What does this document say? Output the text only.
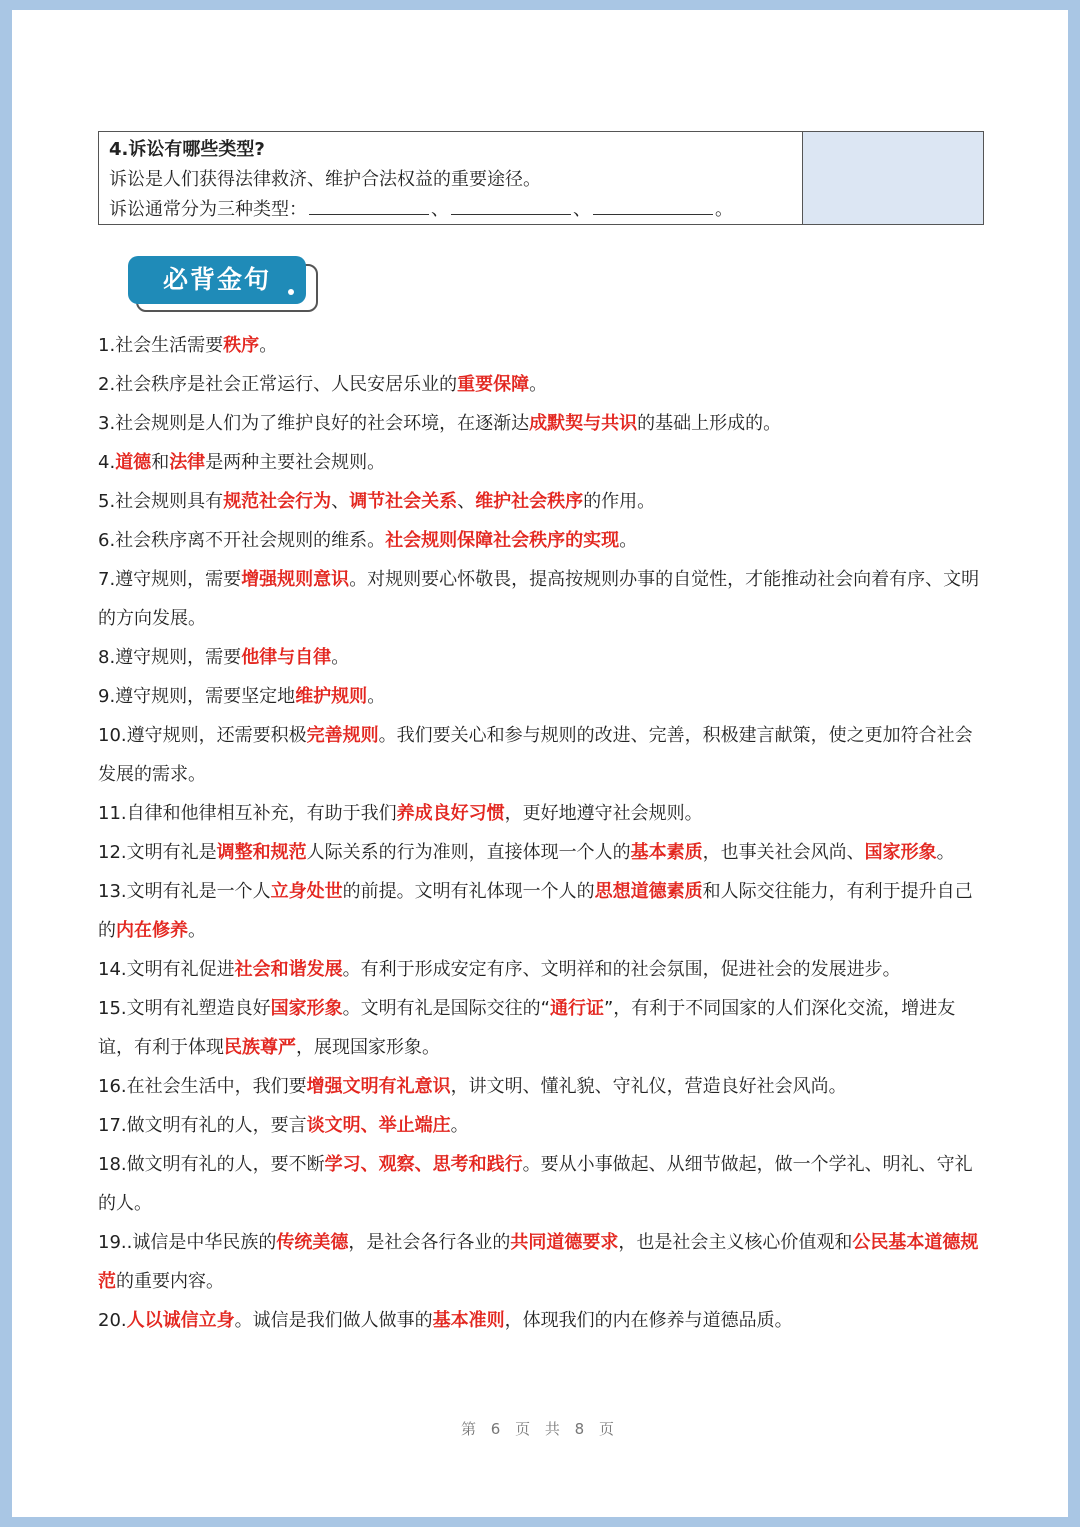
4.诉讼有哪些类型?
诉讼是人们获得法律救济、维护合法权益的重要途径。
诉讼通常分为三种类型：	、	、	。
必背金句
1.社会生活需要秩序。
2.社会秩序是社会正常运行、人民安居乐业的重要保障。
3.社会规则是人们为了维护良好的社会环境，在逐渐达成默契与共识的基础上形成的。
4.道德和法律是两种主要社会规则。
5.社会规则具有规范社会行为、调节社会关系、维护社会秩序的作用。
6.社会秩序离不开社会规则的维系。社会规则保障社会秩序的实现。
7.遵守规则，需要增强规则意识。对规则要心怀敬畏，提高按规则办事的自觉性，才能推动社会向着有序、文明的方向发展。
8.遵守规则，需要他律与自律。
9.遵守规则，需要坚定地维护规则。
10.遵守规则，还需要积极完善规则。我们要关心和参与规则的改进、完善，积极建言献策，使之更加符合社会发展的需求。
11.自律和他律相互补充，有助于我们养成良好习惯，更好地遵守社会规则。
12.文明有礼是调整和规范人际关系的行为准则，直接体现一个人的基本素质，也事关社会风尚、国家形象。
13.文明有礼是一个人立身处世的前提。文明有礼体现一个人的思想道德素质和人际交往能力，有利于提升自己的内在修养。
14.文明有礼促进社会和谐发展。有利于形成安定有序、文明祥和的社会氛围，促进社会的发展进步。
15.文明有礼塑造良好国家形象。文明有礼是国际交往的“通行证”，有利于不同国家的人们深化交流，增进友谊，有利于体现民族尊严，展现国家形象。
16.在社会生活中，我们要增强文明有礼意识，讲文明、懂礼貌、守礼仪，营造良好社会风尚。
17.做文明有礼的人，要言谈文明、举止端庄。
18.做文明有礼的人，要不断学习、观察、思考和践行。要从小事做起、从细节做起，做一个学礼、明礼、守礼的人。
19..诚信是中华民族的传统美德，是社会各行各业的共同道德要求，也是社会主义核心价值观和公民基本道德规范的重要内容。
20.人以诚信立身。诚信是我们做人做事的基本准则，体现我们的内在修养与道德品质。
第 6 页 共 8 页
